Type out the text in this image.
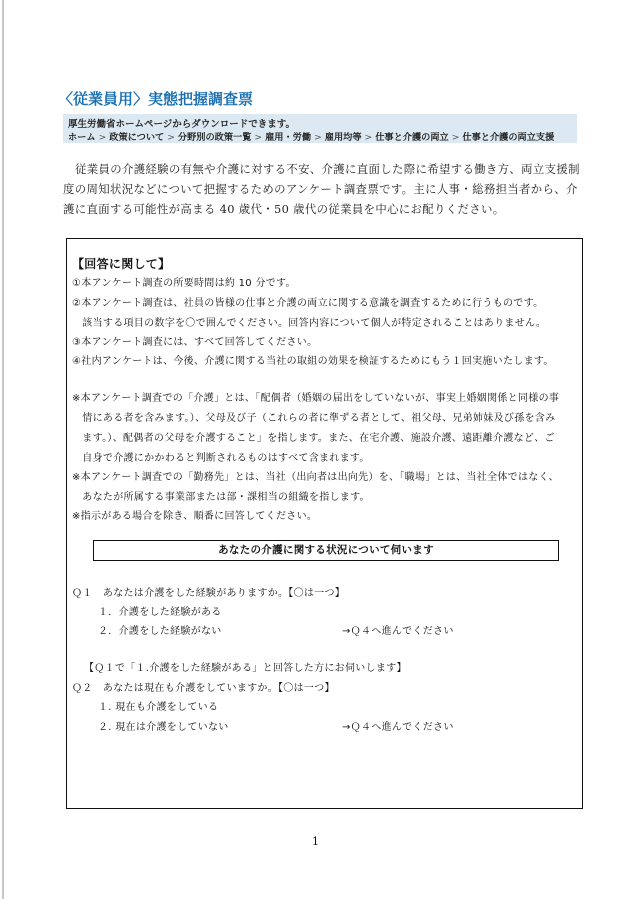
〈従業員用〉実態把握調査票
厚生労働省ホームページからダウンロードできます。
ホーム > 政策について > 分野別の政策一覧 > 雇用・労働 > 雇用均等 > 仕事と介護の両立 > 仕事と介護の両立支援
従業員の介護経験の有無や介護に対する不安、介護に直面した際に希望する働き方、両立支援制
度の周知状況などについて把握するためのアンケート調査票です。主に人事・総務担当者から、介
護に直面する可能性が高まる 40 歳代・50 歳代の従業員を中心にお配りください。
【回答に関して】
①本アンケート調査の所要時間は約 10 分です。
②本アンケート調査は、社員の皆様の仕事と介護の両立に関する意識を調査するために行うものです。
　該当する項目の数字を〇で囲んでください。回答内容について個人が特定されることはありません。
③本アンケート調査には、すべて回答してください。
④社内アンケートは、今後、介護に関する当社の取組の効果を検証するためにもう１回実施いたします。
※本アンケート調査での「介護」とは、「配偶者（婚姻の届出をしていないが、事実上婚姻関係と同様の事
　情にある者を含みます。）、父母及び子（これらの者に準ずる者として、祖父母、兄弟姉妹及び孫を含み
　ます。）、配偶者の父母を介護すること」を指します。また、在宅介護、施設介護、遠距離介護など、ご
　自身で介護にかかわると判断されるものはすべて含まれます。
※本アンケート調査での「勤務先」とは、当社（出向者は出向先）を、「職場」とは、当社全体ではなく、
　あなたが所属する事業部または部・課相当の組織を指します。
※指示がある場合を除き、順番に回答してください。
あなたの介護に関する状況について伺います
Ｑ１　あなたは介護をした経験がありますか。【〇は一つ】
１．介護をした経験がある
２．介護をした経験がない	→Ｑ４へ進んでください
【Ｑ１で「１.介護をした経験がある」と回答した方にお伺いします】
Ｑ２　あなたは現在も介護をしていますか。【〇は一つ】
１. 現在も介護をしている
２. 現在は介護をしていない	→Ｑ４へ進んでください
1
